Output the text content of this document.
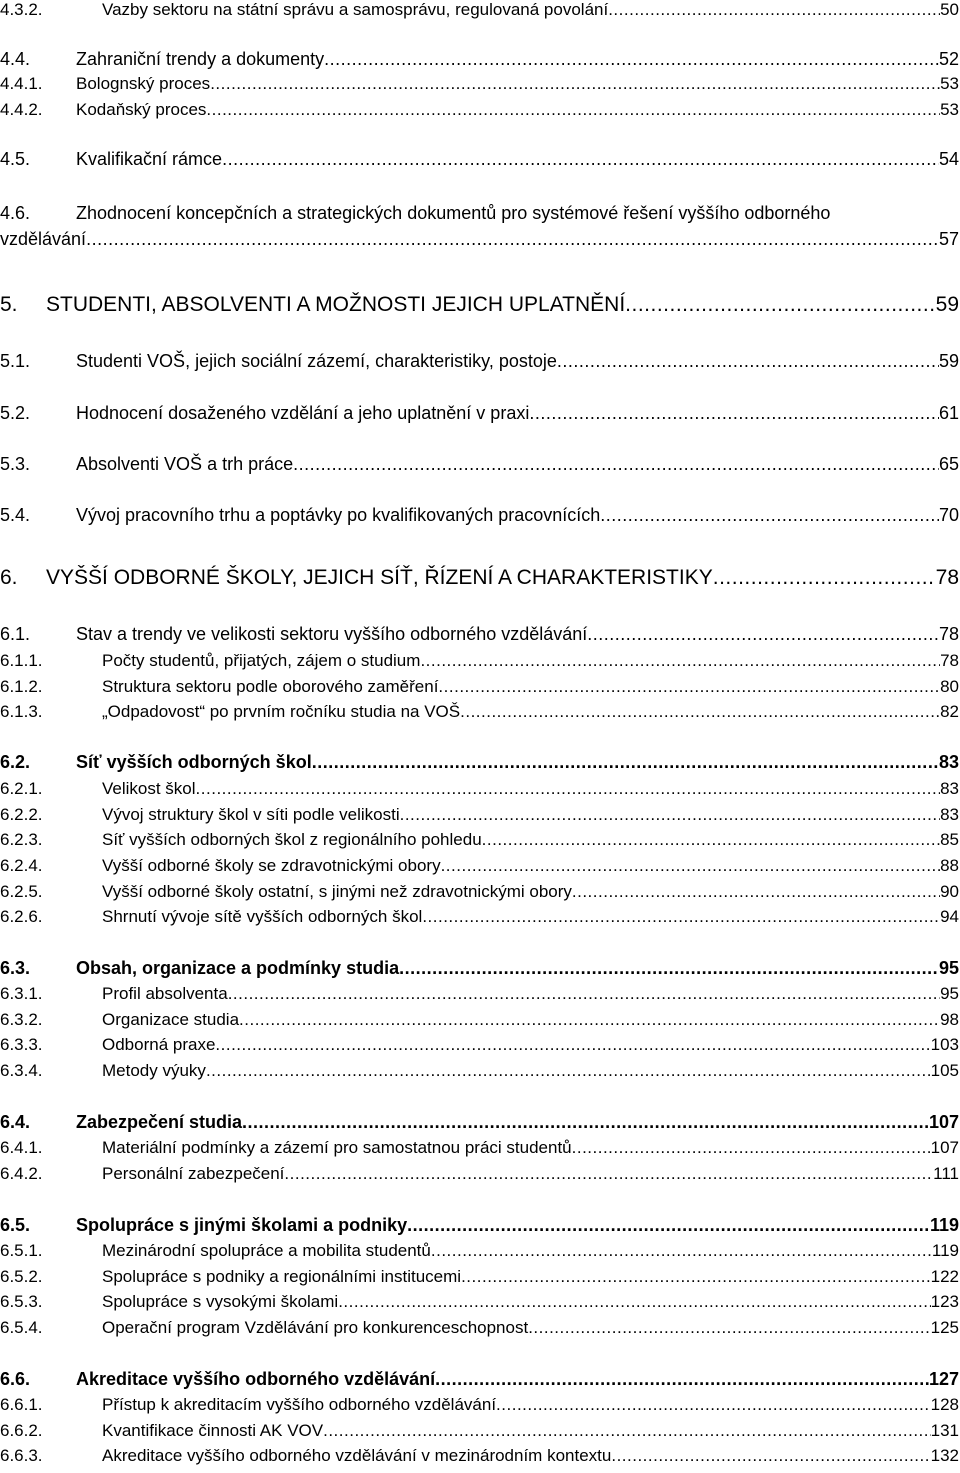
4.3.2.	Vazby sektoru na státní správu a samosprávu, regulovaná povolání .....	50
4.4.	Zahraniční trendy a dokumenty .....	52
4.4.1.	Bolognský proces .....	53
4.4.2.	Kodaňský proces .....	53
4.5.	Kvalifikační rámce .....	54
4.6.	Zhodnocení koncepčních a strategických dokumentů pro systémové řešení vyššího odborného
vzdělávání .....	57
5.	STUDENTI, ABSOLVENTI A MOŽNOSTI JEJICH UPLATNĚNÍ .....	59
5.1.	Studenti VOŠ, jejich sociální zázemí, charakteristiky, postoje .....	59
5.2.	Hodnocení dosaženého vzdělání a jeho uplatnění v praxi .....	61
5.3.	Absolventi VOŠ a trh práce .....	65
5.4.	Vývoj pracovního trhu a poptávky po kvalifikovaných pracovnících .....	70
6.	VYŠŠÍ ODBORNÉ ŠKOLY, JEJICH SÍŤ, ŘÍZENÍ A CHARAKTERISTIKY .....	78
6.1.	Stav a trendy ve velikosti sektoru vyššího odborného vzdělávání .....	78
6.1.1.	Počty studentů, přijatých, zájem o studium .....	78
6.1.2.	Struktura sektoru podle oborového zaměření .....	80
6.1.3.	„Odpadovost“ po prvním ročníku studia na VOŠ .....	82
6.2.	Síť vyšších odborných škol .....	83
6.2.1.	Velikost škol .....	83
6.2.2.	Vývoj struktury škol v síti podle velikosti .....	83
6.2.3.	Síť vyšších odborných škol z regionálního pohledu .....	85
6.2.4.	Vyšší odborné školy se zdravotnickými obory .....	88
6.2.5.	Vyšší odborné školy ostatní, s jinými než zdravotnickými obory .....	90
6.2.6.	Shrnutí vývoje sítě vyšších odborných škol .....	94
6.3.	Obsah, organizace a podmínky studia .....	95
6.3.1.	Profil absolventa .....	95
6.3.2.	Organizace studia .....	98
6.3.3.	Odborná praxe .....	103
6.3.4.	Metody výuky .....	105
6.4.	Zabezpečení studia .....	107
6.4.1.	Materiální podmínky a zázemí pro samostatnou práci studentů .....	107
6.4.2.	Personální zabezpečení .....	111
6.5.	Spolupráce s jinými školami a podniky .....	119
6.5.1.	Mezinárodní spolupráce a mobilita studentů .....	119
6.5.2.	Spolupráce s podniky a regionálními institucemi .....	122
6.5.3.	Spolupráce s vysokými školami .....	123
6.5.4.	Operační program Vzdělávání pro konkurenceschopnost .....	125
6.6.	Akreditace vyššího odborného vzdělávání .....	127
6.6.1.	Přístup k akreditacím vyššího odborného vzdělávání .....	128
6.6.2.	Kvantifikace činnosti AK VOV .....	131
6.6.3.	Akreditace vyššího odborného vzdělávání v mezinárodním kontextu .....	132
